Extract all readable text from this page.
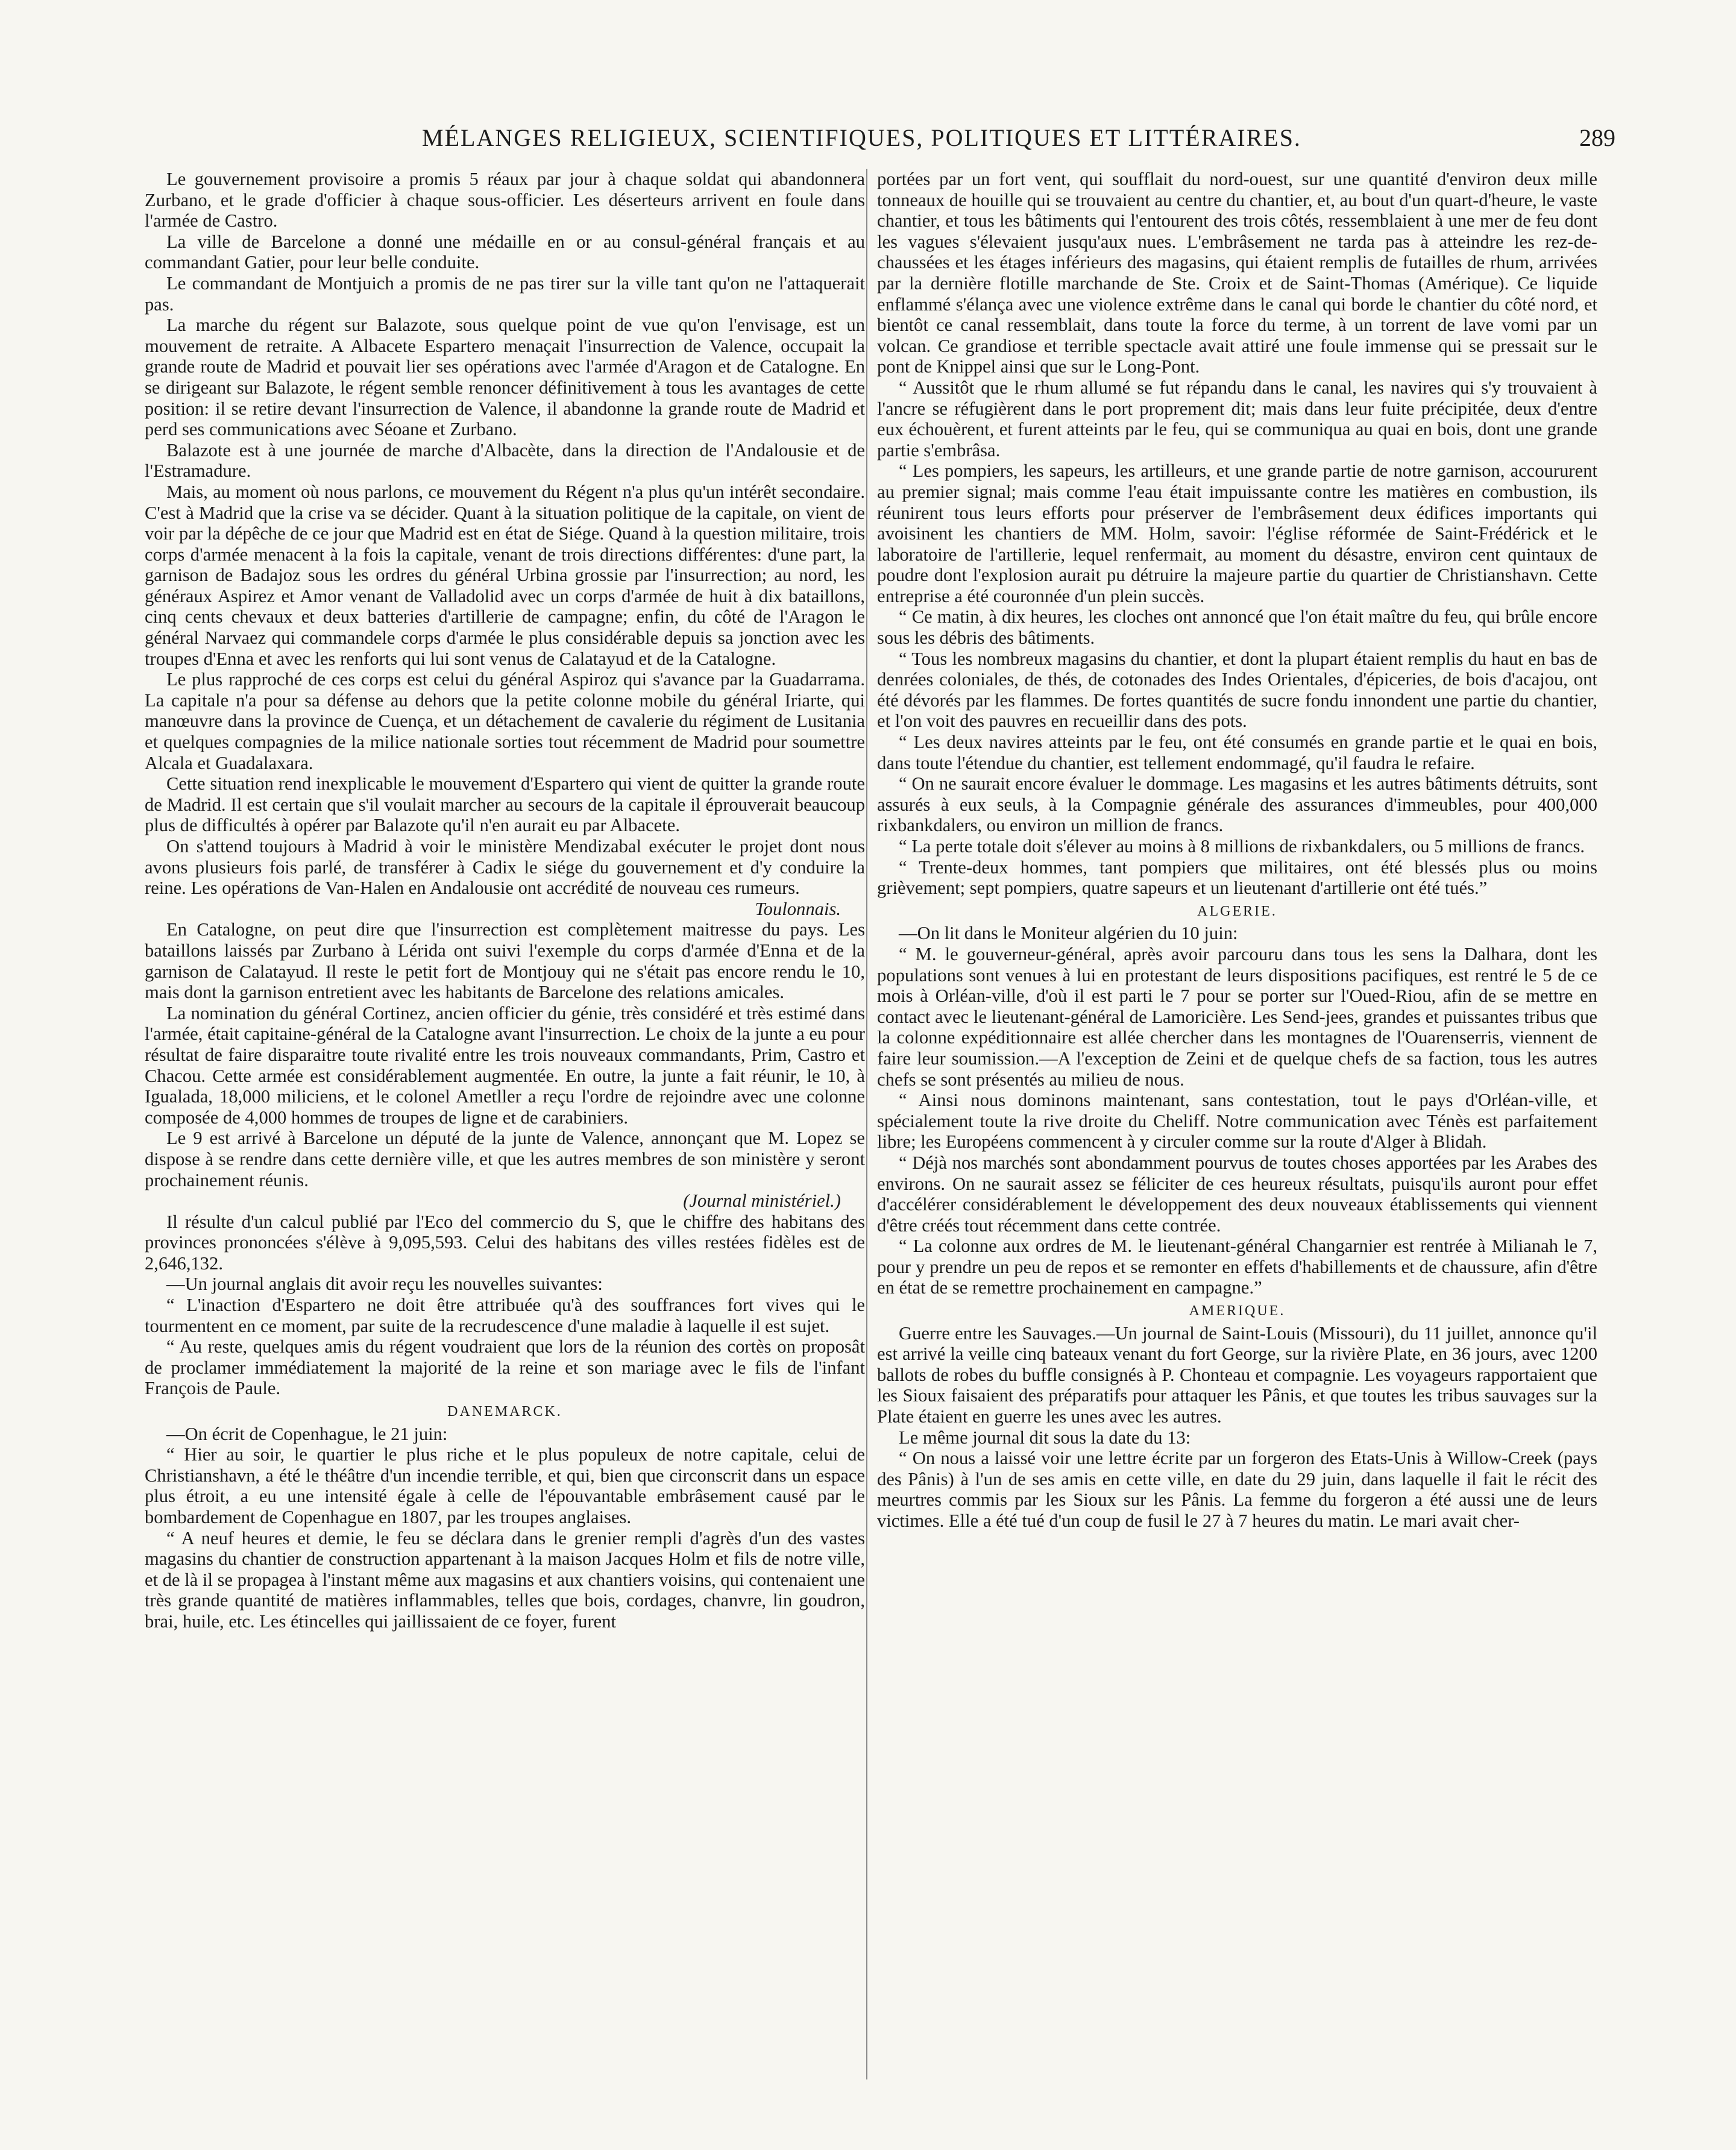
MÉLANGES RELIGIEUX, SCIENTIFIQUES, POLITIQUES ET LITTÉRAIRES.	289

Le gouvernement provisoire a promis 5 réaux par jour à chaque soldat qui abandonnera Zurbano, et le grade d'officier à chaque sous-officier. Les déserteurs arrivent en foule dans l'armée de Castro.

La ville de Barcelone a donné une médaille en or au consul-général français et au commandant Gatier, pour leur belle conduite.

Le commandant de Montjuich a promis de ne pas tirer sur la ville tant qu'on ne l'attaquerait pas.

La marche du régent sur Balazote, sous quelque point de vue qu'on l'envisage, est un mouvement de retraite. A Albacete Espartero menaçait l'insurrection de Valence, occupait la grande route de Madrid et pouvait lier ses opérations avec l'armée d'Aragon et de Catalogne. En se dirigeant sur Balazote, le régent semble renoncer définitivement à tous les avantages de cette position: il se retire devant l'insurrection de Valence, il abandonne la grande route de Madrid et perd ses communications avec Séoane et Zurbano.

Balazote est à une journée de marche d'Albacète, dans la direction de l'Andalousie et de l'Estramadure.

Mais, au moment où nous parlons, ce mouvement du Régent n'a plus qu'un intérêt secondaire. C'est à Madrid que la crise va se décider. Quant à la situation politique de la capitale, on vient de voir par la dépêche de ce jour que Madrid est en état de Siége. Quand à la question militaire, trois corps d'armée menacent à la fois la capitale, venant de trois directions différentes: d'une part, la garnison de Badajoz sous les ordres du général Urbina grossie par l'insurrection; au nord, les généraux Aspirez et Amor venant de Valladolid avec un corps d'armée de huit à dix bataillons, cinq cents chevaux et deux batteries d'artillerie de campagne; enfin, du côté de l'Aragon le général Narvaez qui commandele corps d'armée le plus considérable depuis sa jonction avec les troupes d'Enna et avec les renforts qui lui sont venus de Calatayud et de la Catalogne.

Le plus rapproché de ces corps est celui du général Aspiroz qui s'avance par la Guadarrama. La capitale n'a pour sa défense au dehors que la petite colonne mobile du général Iriarte, qui manœuvre dans la province de Cuença, et un détachement de cavalerie du régiment de Lusitania et quelques compagnies de la milice nationale sorties tout récemment de Madrid pour soumettre Alcala et Guadalaxara.

Cette situation rend inexplicable le mouvement d'Espartero qui vient de quitter la grande route de Madrid. Il est certain que s'il voulait marcher au secours de la capitale il éprouverait beaucoup plus de difficultés à opérer par Balazote qu'il n'en aurait eu par Albacete.

On s'attend toujours à Madrid à voir le ministère Mendizabal exécuter le projet dont nous avons plusieurs fois parlé, de transférer à Cadix le siége du gouvernement et d'y conduire la reine. Les opérations de Van-Halen en Andalousie ont accrédité de nouveau ces rumeurs.

Toulonnais.

En Catalogne, on peut dire que l'insurrection est complètement maitresse du pays. Les bataillons laissés par Zurbano à Lérida ont suivi l'exemple du corps d'armée d'Enna et de la garnison de Calatayud. Il reste le petit fort de Montjouy qui ne s'était pas encore rendu le 10, mais dont la garnison entretient avec les habitants de Barcelone des relations amicales.

La nomination du général Cortinez, ancien officier du génie, très considéré et très estimé dans l'armée, était capitaine-général de la Catalogne avant l'insurrection. Le choix de la junte a eu pour résultat de faire disparaitre toute rivalité entre les trois nouveaux commandants, Prim, Castro et Chacou. Cette armée est considérablement augmentée. En outre, la junte a fait réunir, le 10, à Igualada, 18,000 miliciens, et le colonel Ametller a reçu l'ordre de rejoindre avec une colonne composée de 4,000 hommes de troupes de ligne et de carabiniers.

Le 9 est arrivé à Barcelone un député de la junte de Valence, annonçant que M. Lopez se dispose à se rendre dans cette dernière ville, et que les autres membres de son ministère y seront prochainement réunis.

(Journal ministériel.)

Il résulte d'un calcul publié par l'Eco del commercio du S, que le chiffre des habitans des provinces prononcées s'élève à 9,095,593. Celui des habitans des villes restées fidèles est de 2,646,132.

—Un journal anglais dit avoir reçu les nouvelles suivantes:

“ L'inaction d'Espartero ne doit être attribuée qu'à des souffrances fort vives qui le tourmentent en ce moment, par suite de la recrudescence d'une maladie à laquelle il est sujet.

“ Au reste, quelques amis du régent voudraient que lors de la réunion des cortès on proposât de proclamer immédiatement la majorité de la reine et son mariage avec le fils de l'infant François de Paule.

DANEMARCK.

—On écrit de Copenhague, le 21 juin:

“ Hier au soir, le quartier le plus riche et le plus populeux de notre capitale, celui de Christianshavn, a été le théâtre d'un incendie terrible, et qui, bien que circonscrit dans un espace plus étroit, a eu une intensité égale à celle de l'épouvantable embrâsement causé par le bombardement de Copenhague en 1807, par les troupes anglaises.

“ A neuf heures et demie, le feu se déclara dans le grenier rempli d'agrès d'un des vastes magasins du chantier de construction appartenant à la maison Jacques Holm et fils de notre ville, et de là il se propagea à l'instant même aux magasins et aux chantiers voisins, qui contenaient une très grande quantité de matières inflammables, telles que bois, cordages, chanvre, lin goudron, brai, huile, etc. Les étincelles qui jaillissaient de ce foyer, furent

portées par un fort vent, qui soufflait du nord-ouest, sur une quantité d'environ deux mille tonneaux de houille qui se trouvaient au centre du chantier, et, au bout d'un quart-d'heure, le vaste chantier, et tous les bâtiments qui l'entourent des trois côtés, ressemblaient à une mer de feu dont les vagues s'élevaient jusqu'aux nues. L'embrâsement ne tarda pas à atteindre les rez-de-chaussées et les étages inférieurs des magasins, qui étaient remplis de futailles de rhum, arrivées par la dernière flotille marchande de Ste. Croix et de Saint-Thomas (Amérique). Ce liquide enflammé s'élança avec une violence extrême dans le canal qui borde le chantier du côté nord, et bientôt ce canal ressemblait, dans toute la force du terme, à un torrent de lave vomi par un volcan. Ce grandiose et terrible spectacle avait attiré une foule immense qui se pressait sur le pont de Knippel ainsi que sur le Long-Pont.

“ Aussitôt que le rhum allumé se fut répandu dans le canal, les navires qui s'y trouvaient à l'ancre se réfugièrent dans le port proprement dit; mais dans leur fuite précipitée, deux d'entre eux échouèrent, et furent atteints par le feu, qui se communiqua au quai en bois, dont une grande partie s'embrâsa.

“ Les pompiers, les sapeurs, les artilleurs, et une grande partie de notre garnison, accoururent au premier signal; mais comme l'eau était impuissante contre les matières en combustion, ils réunirent tous leurs efforts pour préserver de l'embrâsement deux édifices importants qui avoisinent les chantiers de MM. Holm, savoir: l'église réformée de Saint-Frédérick et le laboratoire de l'artillerie, lequel renfermait, au moment du désastre, environ cent quintaux de poudre dont l'explosion aurait pu détruire la majeure partie du quartier de Christianshavn. Cette entreprise a été couronnée d'un plein succès.

“ Ce matin, à dix heures, les cloches ont annoncé que l'on était maître du feu, qui brûle encore sous les débris des bâtiments.

“ Tous les nombreux magasins du chantier, et dont la plupart étaient remplis du haut en bas de denrées coloniales, de thés, de cotonades des Indes Orientales, d'épiceries, de bois d'acajou, ont été dévorés par les flammes. De fortes quantités de sucre fondu innondent une partie du chantier, et l'on voit des pauvres en recueillir dans des pots.

“ Les deux navires atteints par le feu, ont été consumés en grande partie et le quai en bois, dans toute l'étendue du chantier, est tellement endommagé, qu'il faudra le refaire.

“ On ne saurait encore évaluer le dommage. Les magasins et les autres bâtiments détruits, sont assurés à eux seuls, à la Compagnie générale des assurances d'immeubles, pour 400,000 rixbankdalers, ou environ un million de francs.

“ La perte totale doit s'élever au moins à 8 millions de rixbankdalers, ou 5 millions de francs.

“ Trente-deux hommes, tant pompiers que militaires, ont été blessés plus ou moins grièvement; sept pompiers, quatre sapeurs et un lieutenant d'artillerie ont été tués.”

ALGERIE.

—On lit dans le Moniteur algérien du 10 juin:

“ M. le gouverneur-général, après avoir parcouru dans tous les sens la Dalhara, dont les populations sont venues à lui en protestant de leurs dispositions pacifiques, est rentré le 5 de ce mois à Orléan-ville, d'où il est parti le 7 pour se porter sur l'Oued-Riou, afin de se mettre en contact avec le lieutenant-général de Lamoricière. Les Send-jees, grandes et puissantes tribus que la colonne expéditionnaire est allée chercher dans les montagnes de l'Ouarenserris, viennent de faire leur soumission.—A l'exception de Zeini et de quelque chefs de sa faction, tous les autres chefs se sont présentés au milieu de nous.

“ Ainsi nous dominons maintenant, sans contestation, tout le pays d'Orléan-ville, et spécialement toute la rive droite du Cheliff. Notre communication avec Ténès est parfaitement libre; les Européens commencent à y circuler comme sur la route d'Alger à Blidah.

“ Déjà nos marchés sont abondamment pourvus de toutes choses apportées par les Arabes des environs. On ne saurait assez se féliciter de ces heureux résultats, puisqu'ils auront pour effet d'accélérer considérablement le développement des deux nouveaux établissements qui viennent d'être créés tout récemment dans cette contrée.

“ La colonne aux ordres de M. le lieutenant-général Changarnier est rentrée à Milianah le 7, pour y prendre un peu de repos et se remonter en effets d'habillements et de chaussure, afin d'être en état de se remettre prochainement en campagne.”

AMERIQUE.

Guerre entre les Sauvages.—Un journal de Saint-Louis (Missouri), du 11 juillet, annonce qu'il est arrivé la veille cinq bateaux venant du fort George, sur la rivière Plate, en 36 jours, avec 1200 ballots de robes du buffle consignés à P. Chonteau et compagnie. Les voyageurs rapportaient que les Sioux faisaient des préparatifs pour attaquer les Pânis, et que toutes les tribus sauvages sur la Plate étaient en guerre les unes avec les autres.

Le même journal dit sous la date du 13:

“ On nous a laissé voir une lettre écrite par un forgeron des Etats-Unis à Willow-Creek (pays des Pânis) à l'un de ses amis en cette ville, en date du 29 juin, dans laquelle il fait le récit des meurtres commis par les Sioux sur les Pânis. La femme du forgeron a été aussi une de leurs victimes. Elle a été tué d'un coup de fusil le 27 à 7 heures du matin. Le mari avait cher-
